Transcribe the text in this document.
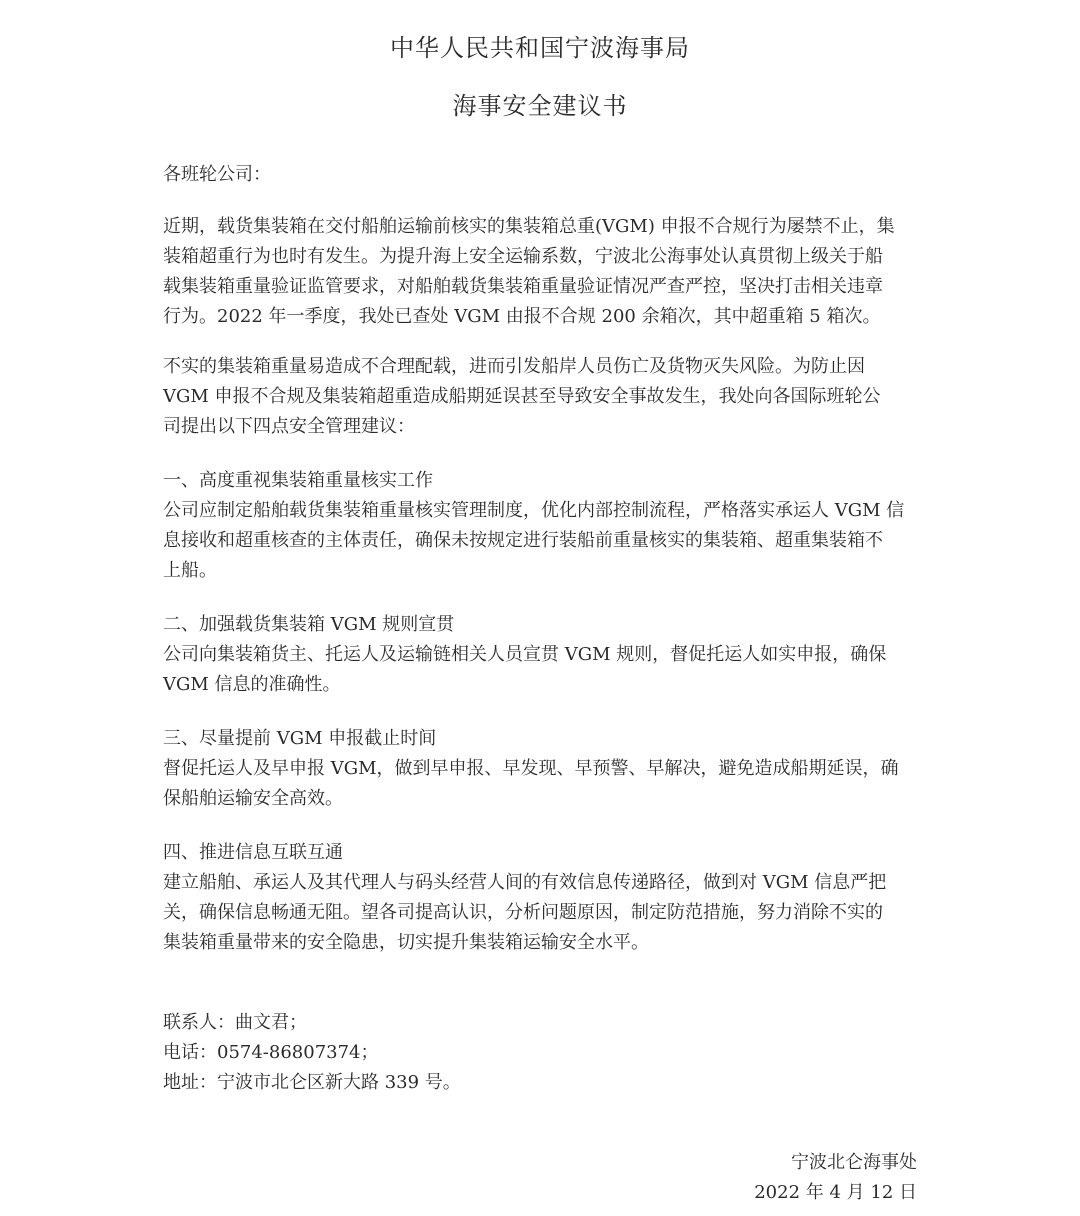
中华人民共和国宁波海事局
海事安全建议书
各班轮公司：
近期，载货集装箱在交付船舶运输前核实的集装箱总重(VGM) 申报不合规行为屡禁不止，集
装箱超重行为也时有发生。为提升海上安全运输系数，宁波北公海事处认真贯彻上级关于船
载集装箱重量验证监管要求，对船舶载货集装箱重量验证情况严查严控，坚决打击相关违章
行为。2022 年一季度，我处已查处 VGM 由报不合规 200 余箱次，其中超重箱 5 箱次。
不实的集装箱重量易造成不合理配载，进而引发船岸人员伤亡及货物灭失风险。为防止因
VGM 申报不合规及集装箱超重造成船期延误甚至导致安全事故发生，我处向各国际班轮公
司提出以下四点安全管理建议：
一、高度重视集装箱重量核实工作
公司应制定船舶载货集装箱重量核实管理制度，优化内部控制流程，严格落实承运人 VGM 信
息接收和超重核查的主体责任，确保未按规定进行装船前重量核实的集装箱、超重集装箱不
上船。
二、加强载货集装箱 VGM 规则宣贯
公司向集装箱货主、托运人及运输链相关人员宣贯 VGM 规则，督促托运人如实申报，确保
VGM 信息的准确性。
三、尽量提前 VGM 申报截止时间
督促托运人及早申报 VGM，做到早申报、早发现、早预警、早解决，避免造成船期延误，确
保船舶运输安全高效。
四、推进信息互联互通
建立船舶、承运人及其代理人与码头经营人间的有效信息传递路径，做到对 VGM 信息严把
关，确保信息畅通无阻。望各司提高认识，分析问题原因，制定防范措施，努力消除不实的
集装箱重量带来的安全隐患，切实提升集装箱运输安全水平。
联系人：曲文君；
电话：0574-86807374；
地址：宁波市北仑区新大路 339 号。
宁波北仑海事处
2022 年 4 月 12 日
